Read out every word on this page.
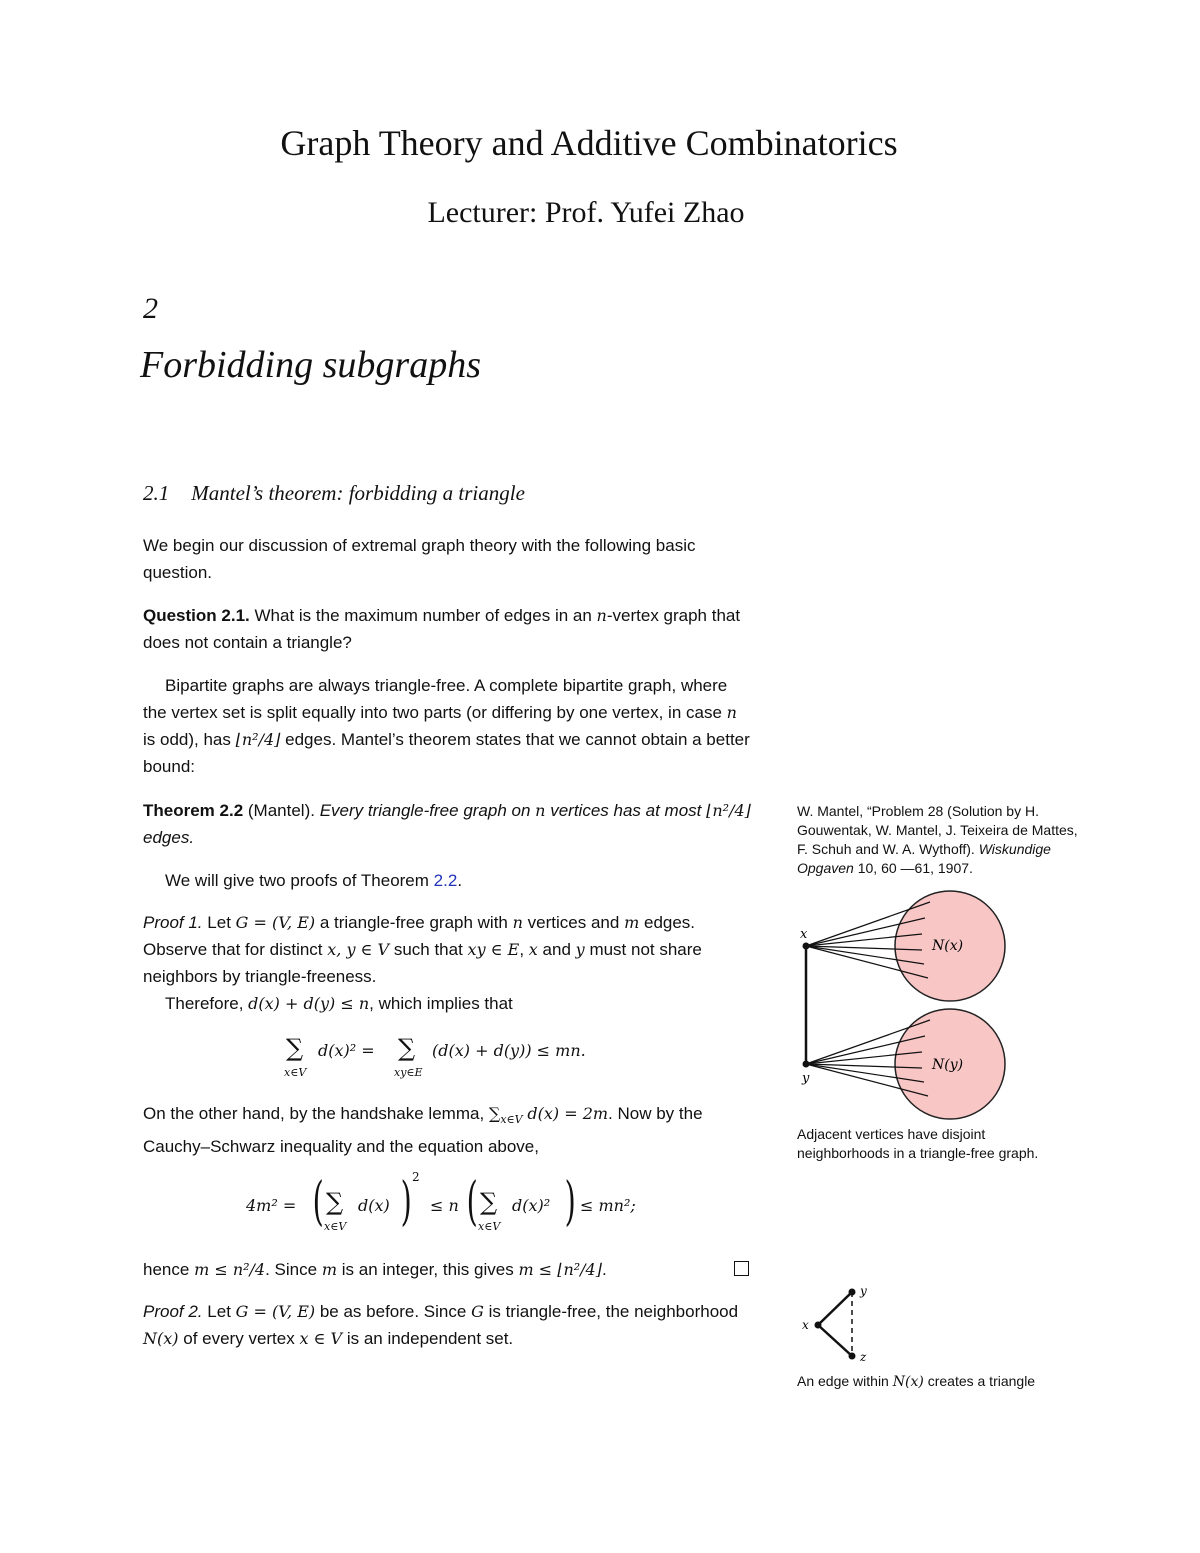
Graph Theory and Additive Combinatorics
Lecturer: Prof. Yufei Zhao
2
Forbidding subgraphs
2.1 Mantel’s theorem: forbidding a triangle

We begin our discussion of extremal graph theory with the following basic question.

Question 2.1. What is the maximum number of edges in an n-vertex graph that does not contain a triangle?

Bipartite graphs are always triangle-free. A complete bipartite graph, where the vertex set is split equally into two parts (or differing by one vertex, in case n is odd), has ⌊n²/4⌋ edges. Mantel’s theorem states that we cannot obtain a better bound:

Theorem 2.2 (Mantel). Every triangle-free graph on n vertices has at most ⌊n²/4⌋ edges.

We will give two proofs of Theorem 2.2.

Proof 1. Let G = (V, E) a triangle-free graph with n vertices and m edges. Observe that for distinct x, y ∈ V such that xy ∈ E, x and y must not share neighbors by triangle-freeness.

Therefore, d(x) + d(y) ≤ n, which implies that

∑
x∈V
d(x)² = ∑
xy∈E
(d(x) + d(y)) ≤ mn.

On the other hand, by the handshake lemma, $\sum_{x\in V}$ d(x) = 2m. Now by the Cauchy–Schwarz inequality and the equation above,

4m² = ( ∑
x∈V
d(x) ) 2
≤ n ( ∑
x∈V
d(x)² ) ≤ mn²;

hence m ≤ n²/4. Since m is an integer, this gives m ≤ ⌊n²/4⌋.

Proof 2. Let G = (V, E) be as before. Since G is triangle-free, the neighborhood N(x) of every vertex x ∈ V is an independent set.

W. Mantel, “Problem 28 (Solution by H. Gouwentak, W. Mantel, J. Teixeira de Mattes, F. Schuh and W. A. Wythoff). Wiskundige Opgaven 10, 60 —61, 1907.
x
y
N(x)
N(y)
Adjacent vertices have disjoint neighborhoods in a triangle-free graph.
x
y
z
An edge within N(x) creates a triangle
